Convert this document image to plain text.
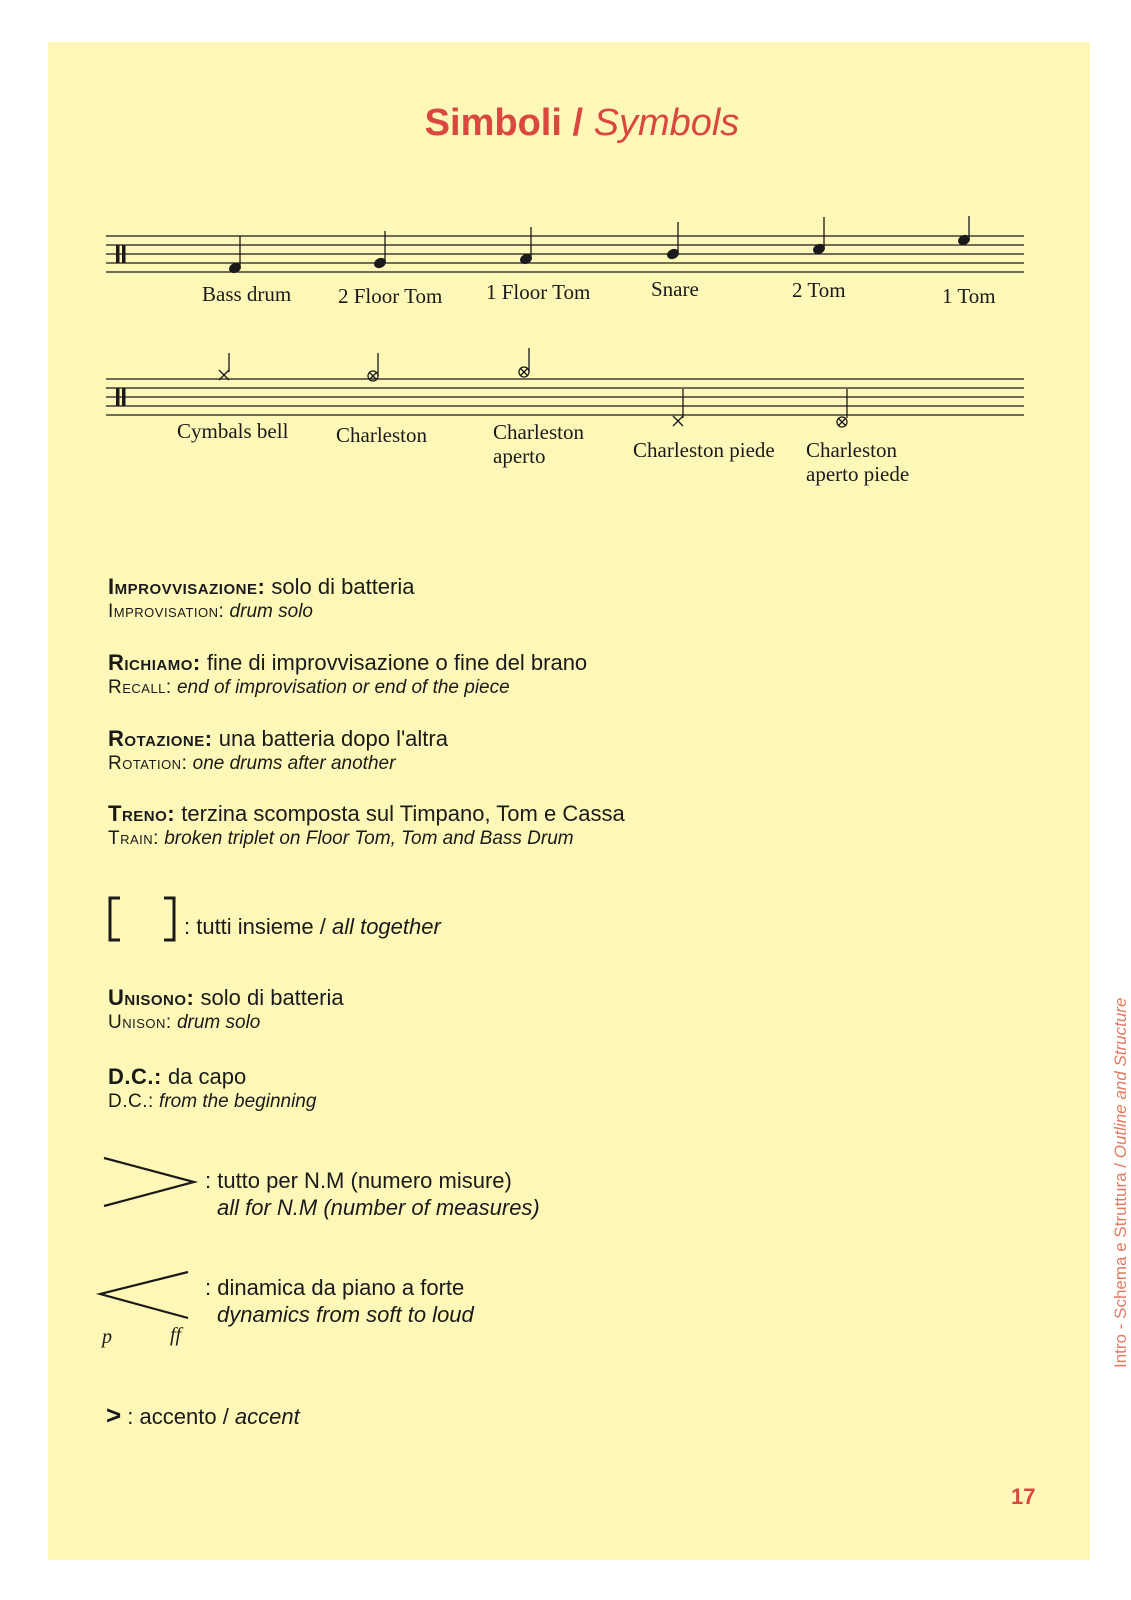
Simboli / Symbols
Bass drum 2 Floor Tom 1 Floor Tom	Snare	2 Tom	1 Tom
Cymbals bell Charleston	Charleston
aperto	Charleston piede Charleston
aperto piede
Improvvisazione: solo di batteria
Improvisation: drum solo
Richiamo: fine di improvvisazione o fine del brano
Recall: end of improvisation or end of the piece
Rotazione: una batteria dopo l'altra
Rotation: one drums after another
Treno: terzina scomposta sul Timpano, Tom e Cassa
Train: broken triplet on Floor Tom, Tom and Bass Drum
: tutti insieme / all together
Unisono: solo di batteria
Unison: drum solo
D.C.: da capo
D.C.: from the beginning
: tutto per N.M (numero misure)
all for N.M (number of measures)
p	ff
: dinamica da piano a forte
dynamics from soft to loud
> : accento / accent
Intro - Schema e Struttura / Outline and Structure
17
